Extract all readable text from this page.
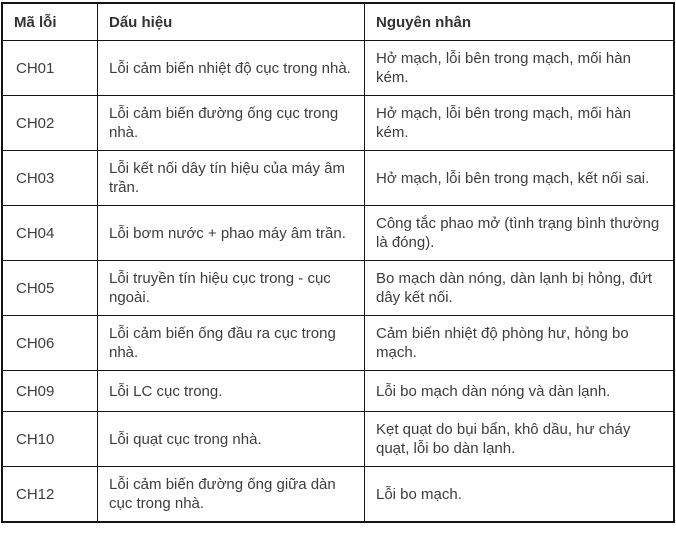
Mã lỗi	Dấu hiệu	Nguyên nhân
CH01	Lỗi cảm biến nhiệt độ cục trong nhà.	Hở mạch, lỗi bên trong mạch, mối hàn kém.
CH02	Lỗi cảm biến đường ống cục trong nhà.	Hở mạch, lỗi bên trong mạch, mối hàn kém.
CH03	Lỗi kết nối dây tín hiệu của máy âm trần.	Hở mạch, lỗi bên trong mạch, kết nối sai.
CH04	Lỗi bơm nước + phao máy âm trần.	Công tắc phao mở (tình trạng bình thường là đóng).
CH05	Lỗi truyền tín hiệu cục trong - cục ngoài.	Bo mạch dàn nóng, dàn lạnh bị hỏng, đứt dây kết nối.
CH06	Lỗi cảm biến ống đầu ra cục trong nhà.	Cảm biến nhiệt độ phòng hư, hỏng bo mạch.
CH09	Lỗi LC cục trong.	Lỗi bo mạch dàn nóng và dàn lạnh.
CH10	Lỗi quạt cục trong nhà.	Kẹt quạt do bụi bẩn, khô dầu, hư cháy quạt, lỗi bo dàn lạnh.
CH12	Lỗi cảm biến đường ống giữa dàn cục trong nhà.	Lỗi bo mạch.
